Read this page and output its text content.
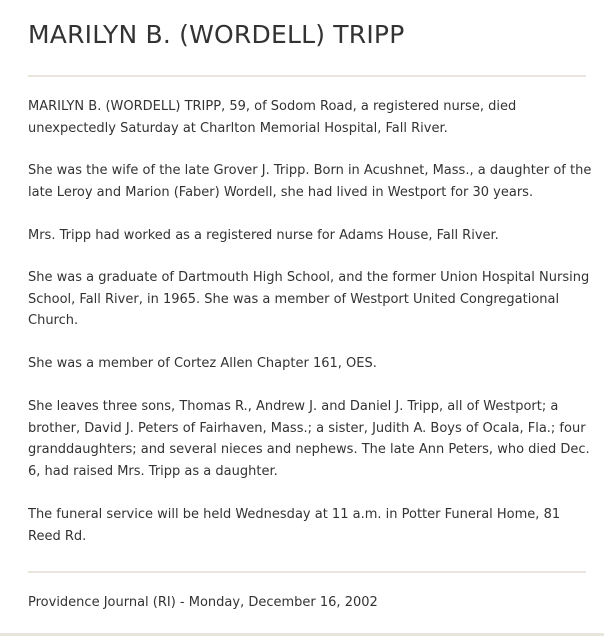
MARILYN B. (WORDELL) TRIPP

MARILYN B. (WORDELL) TRIPP, 59, of Sodom Road, a registered nurse, died unexpectedly Saturday at Charlton Memorial Hospital, Fall River.

She was the wife of the late Grover J. Tripp. Born in Acushnet, Mass., a daughter of the late Leroy and Marion (Faber) Wordell, she had lived in Westport for 30 years.

Mrs. Tripp had worked as a registered nurse for Adams House, Fall River.

She was a graduate of Dartmouth High School, and the former Union Hospital Nursing School, Fall River, in 1965. She was a member of Westport United Congregational Church.

She was a member of Cortez Allen Chapter 161, OES.

She leaves three sons, Thomas R., Andrew J. and Daniel J. Tripp, all of Westport; a brother, David J. Peters of Fairhaven, Mass.; a sister, Judith A. Boys of Ocala, Fla.; four granddaughters; and several nieces and nephews. The late Ann Peters, who died Dec. 6, had raised Mrs. Tripp as a daughter.

The funeral service will be held Wednesday at 11 a.m. in Potter Funeral Home, 81 Reed Rd.

Providence Journal (RI) - Monday, December 16, 2002
